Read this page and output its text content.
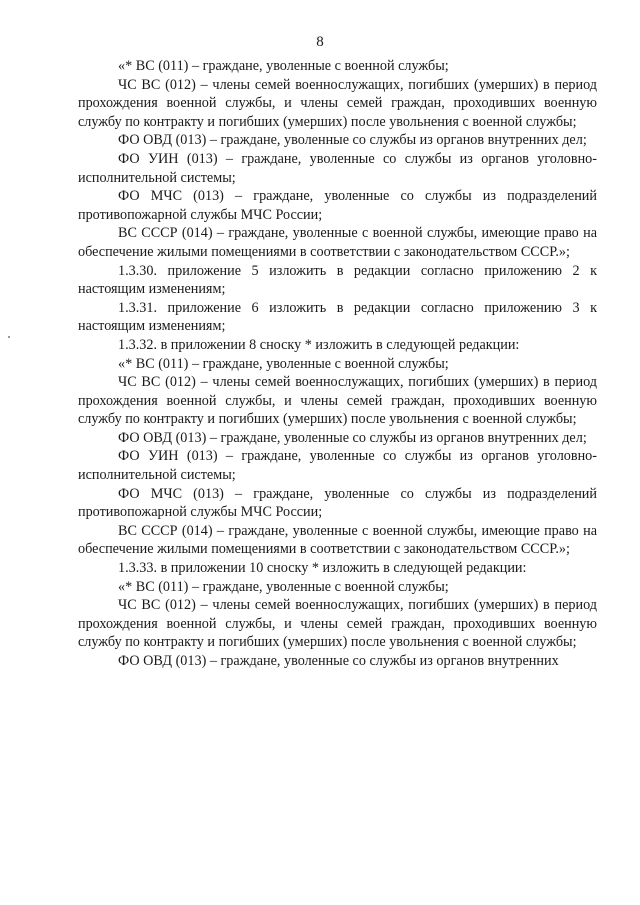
8

«* ВС (011) – граждане, уволенные с военной службы;

ЧС ВС (012) – члены семей военнослужащих, погибших (умерших) в период прохождения военной службы, и члены семей граждан, проходивших военную службу по контракту и погибших (умерших) после увольнения с военной службы;

ФО ОВД (013) – граждане, уволенные со службы из органов внутренних дел;

ФО УИН (013) – граждане, уволенные со службы из органов уголовно-исполнительной системы;

ФО МЧС (013) – граждане, уволенные со службы из подразделений противопожарной службы МЧС России;

ВС СССР (014) – граждане, уволенные с военной службы, имеющие право на обеспечение жилыми помещениями в соответствии с законодательством СССР.»;

1.3.30. приложение 5 изложить в редакции согласно приложению 2 к настоящим изменениям;

1.3.31. приложение 6 изложить в редакции согласно приложению 3 к настоящим изменениям;

1.3.32. в приложении 8 сноску * изложить в следующей редакции:

«* ВС (011) – граждане, уволенные с военной службы;

ЧС ВС (012) – члены семей военнослужащих, погибших (умерших) в период прохождения военной службы, и члены семей граждан, проходивших военную службу по контракту и погибших (умерших) после увольнения с военной службы;

ФО ОВД (013) – граждане, уволенные со службы из органов внутренних дел;

ФО УИН (013) – граждане, уволенные со службы из органов уголовно-исполнительной системы;

ФО МЧС (013) – граждане, уволенные со службы из подразделений противопожарной службы МЧС России;

ВС СССР (014) – граждане, уволенные с военной службы, имеющие право на обеспечение жилыми помещениями в соответствии с законодательством СССР.»;

1.3.33. в приложении 10 сноску * изложить в следующей редакции:

«* ВС (011) – граждане, уволенные с военной службы;

ЧС ВС (012) – члены семей военнослужащих, погибших (умерших) в период прохождения военной службы, и члены семей граждан, проходивших военную службу по контракту и погибших (умерших) после увольнения с военной службы;

ФО ОВД (013) – граждане, уволенные со службы из органов внутренних
